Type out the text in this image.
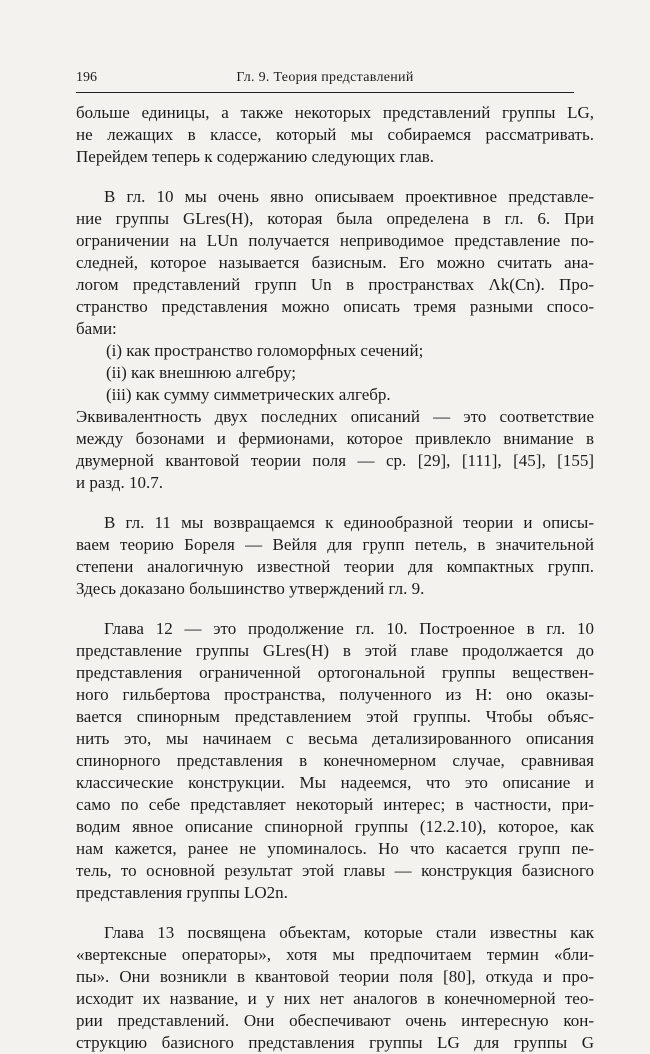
196	Гл. 9. Теория представлений
больше единицы, а также некоторых представлений группы LG,
не лежащих в классе, который мы собираемся рассматривать.
Перейдем теперь к содержанию следующих глав.
В гл. 10 мы очень явно описываем проективное представле-
ние группы GLres(H), которая была определена в гл. 6. При
ограничении на LUn получается неприводимое представление по-
следней, которое называется базисным. Его можно считать ана-
логом представлений групп Un в пространствах Λk(Cn). Про-
странство представления можно описать тремя разными спосо-
бами:
(i) как пространство голоморфных сечений;
(ii) как внешнюю алгебру;
(iii) как сумму симметрических алгебр.
Эквивалентность двух последних описаний — это соответствие
между бозонами и фермионами, которое привлекло внимание в
двумерной квантовой теории поля — ср. [29], [111], [45], [155]
и разд. 10.7.
В гл. 11 мы возвращаемся к единообразной теории и описы-
ваем теорию Бореля — Вейля для групп петель, в значительной
степени аналогичную известной теории для компактных групп.
Здесь доказано большинство утверждений гл. 9.
Глава 12 — это продолжение гл. 10. Построенное в гл. 10
представление группы GLres(H) в этой главе продолжается до
представления ограниченной ортогональной группы веществен-
ного гильбертова пространства, полученного из H: оно оказы-
вается спинорным представлением этой группы. Чтобы объяс-
нить это, мы начинаем с весьма детализированного описания
спинорного представления в конечномерном случае, сравнивая
классические конструкции. Мы надеемся, что это описание и
само по себе представляет некоторый интерес; в частности, при-
водим явное описание спинорной группы (12.2.10), которое, как
нам кажется, ранее не упоминалось. Но что касается групп пе-
тель, то основной результат этой главы — конструкция базисного
представления группы LO2n.
Глава 13 посвящена объектам, которые стали известны как
«вертексные операторы», хотя мы предпочитаем термин «бли-
пы». Они возникли в квантовой теории поля [80], откуда и про-
исходит их название, и у них нет аналогов в конечномерной тео-
рии представлений. Они обеспечивают очень интересную кон-
струкцию базисного представления группы LG для группы G
